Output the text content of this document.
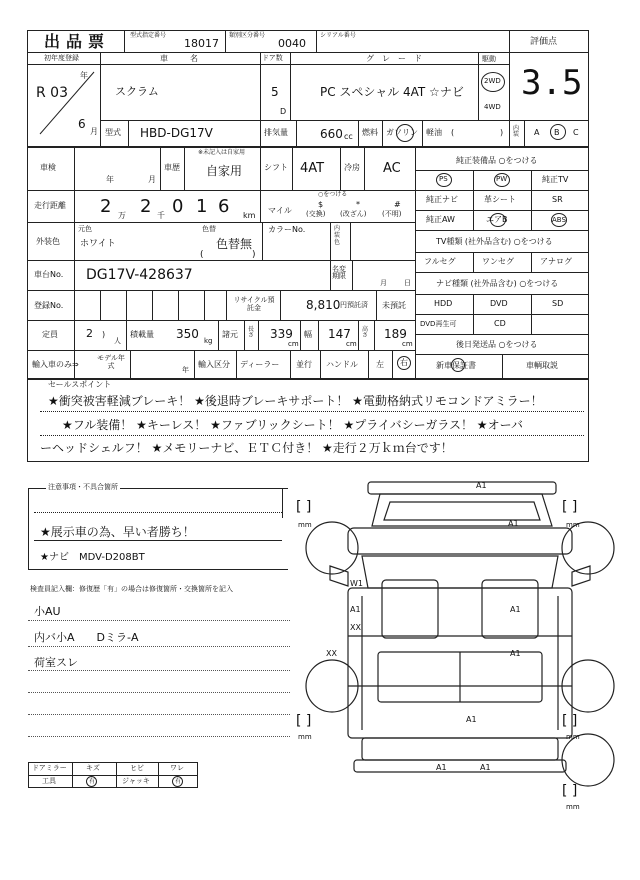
出品票	型式指定番号
18017
類別区分番号
0040
シリアル番号
評価点
3.5
初年度登録	車名	ドア数	グレード	駆動
年
R 03
6
月
スクラム	5
D
PC スペシャル 4AT ☆ナビ
2WD
4WD
型式 HBD-DG17V	排気量	660 cc 燃料 ガソリン 軽油 (	) 内装 A B C
車検
年	月
車歴
※未記入は自家用
自家用	シフト 4AT 冷房 AC
走行距離 2 万 2 千 0 1 6 km
○をつける
マイル
$
(交換)
*
(改ざん)
#
(不明)
外装色
元色
ホワイト
色替
色替無
(	)
カラーNo.	内装色
車台No. DG17V-428637	名変期限
月 日
登録No.
リサイクル預託金	8,810 円預託済 未預託
定員	2 )
人
積載量 350 kg
諸元
長さ 339
cm
幅 147
cm
高さ 189
cm
輸入車のみ⇒
モデル年式	年
輸入区分 ディーラー 並行 ハンドル 左 右
純正装備品 ○をつける
PS	PW	純正TV
純正ナビ	革シート	SR
純正AW	エアB	ABS
TV種類 (社外品含む) ○をつける
フルセグ	ワンセグ	アナログ
ナビ種類 (社外品含む) ○をつける
HDD	DVD	SD
DVD再生可	CD
後日発送品 ○をつける
新車保証書	車輌取説
セールスポイント
★衝突被害軽減ブレーキ！ ★後退時ブレーキサポート！ ★電動格納式リモコンドアミラー！
★フル装備！ ★キーレス！ ★ファブリックシート！ ★プライバシーガラス！ ★オーバ
ーヘッドシェルフ！ ★メモリーナビ、ＥＴＣ付き！ ★走行２万ｋｍ台です！
注意事項・不具合箇所
★展示車の為、早い者勝ち！
★ナビ　MDV-D208BT
検査員記入欄：修復歴「有」の場合は修復箇所・交換箇所を記入
小AU
内バ小A　　Dミラ-A
荷室スレ
ドアミラー	キズ	ヒビ	ワレ
工具	有	ジャッキ	有
[ ]
mm
[ ]
mm
[ ]
mm
[ ]
mm
[ ]
mm
A1
A1
W1
A1	A1
XX
XX	A1
A1
A1	A1
